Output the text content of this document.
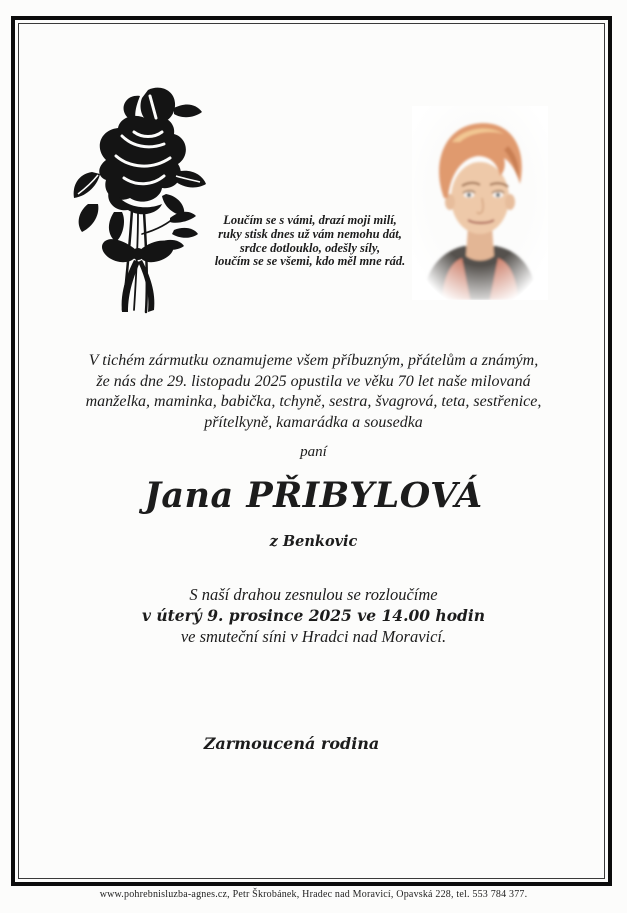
Loučím se s vámi, drazí moji milí,
ruky stisk dnes už vám nemohu dát,
srdce dotlouklo, odešly síly,
loučím se se všemi, kdo měl mne rád.
V tichém zármutku oznamujeme všem příbuzným, přátelům a známým,
že nás dne 29. listopadu 2025 opustila ve věku 70 let naše milovaná
manželka, maminka, babička, tchyně, sestra, švagrová, teta, sestřenice,
přítelkyně, kamarádka a sousedka
paní
Jana PŘIBYLOVÁ
z Benkovic
S naší drahou zesnulou se rozloučíme
v úterý 9. prosince 2025 ve 14.00 hodin
ve smuteční síni v Hradci nad Moravicí.
Zarmoucená rodina
www.pohrebnisluzba-agnes.cz, Petr Škrobánek, Hradec nad Moravicí, Opavská 228, tel. 553 784 377.
